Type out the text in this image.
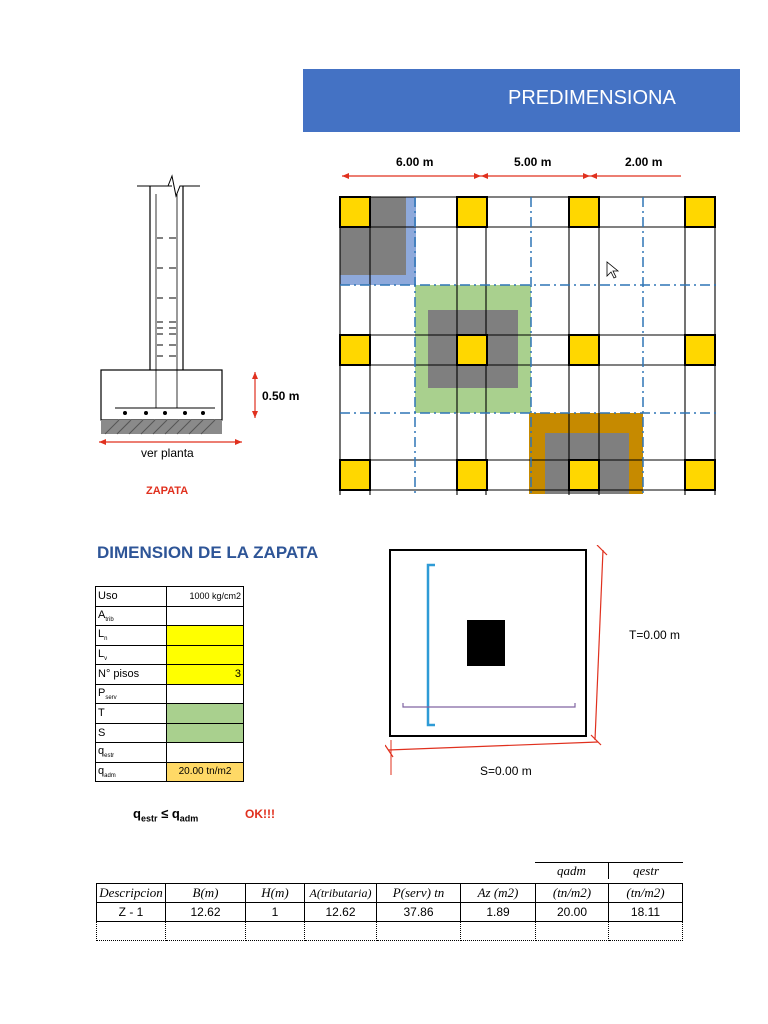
PREDIMENSIONA
0.50 m
ver planta
ZAPATA
6.00 m	5.00 m	2.00 m
DIMENSION DE LA ZAPATA
Uso	1000 kg/cm2
$A_{trib}$	
$L_n$	
$L_v$	
N° pisos	3
$P_{serv}$	
T	
S	
$q_{estr}$	
$q_{adm}$	20.00 tn/m2
$q_{estr} \le q_{adm}$	OK!!!
T=0.00 m
S=0.00 m
qadm	qestr
Descripcion	B(m)	H(m)	A(tributaria)	P(serv) tn	Az (m2)	(tn/m2)	(tn/m2)
Z - 1	12.62	1	12.62	37.86	1.89	20.00	18.11
